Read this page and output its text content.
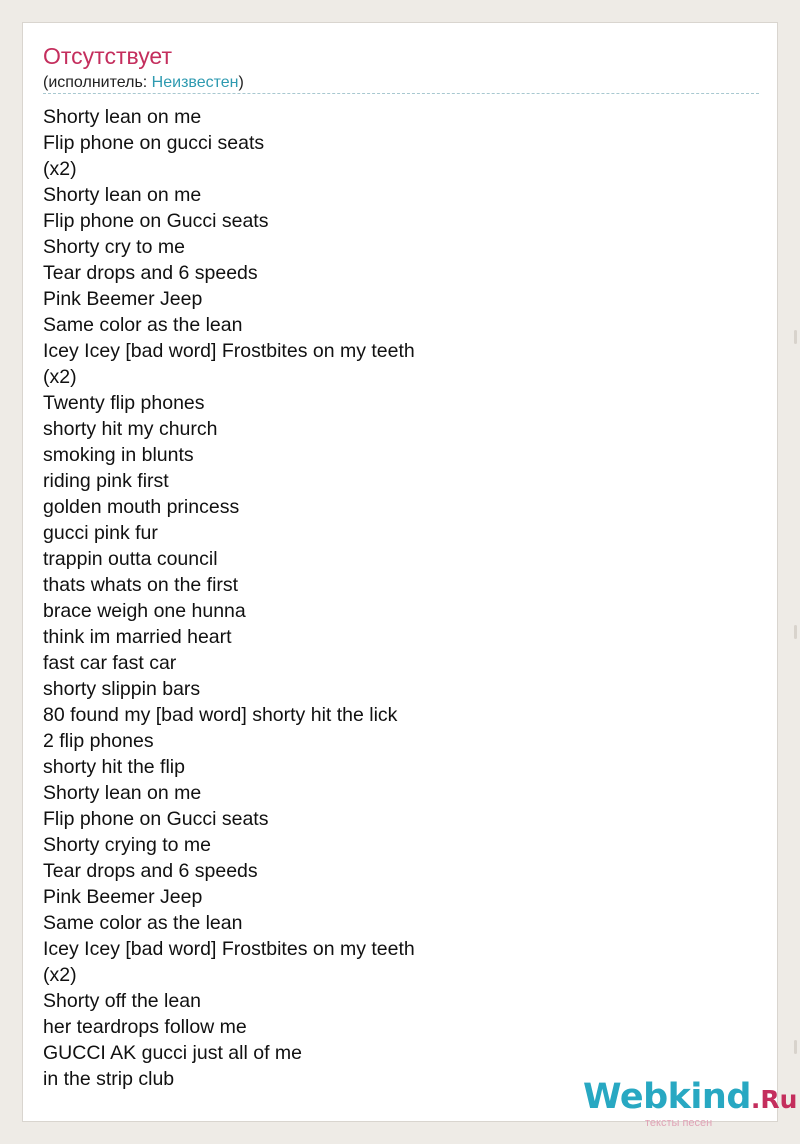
Отсутствует
(исполнитель: Неизвестен)
Shorty lean on me
Flip phone on gucci seats
(x2)
Shorty lean on me
Flip phone on Gucci seats
Shorty cry to me
Tear drops and 6 speeds
Pink Beemer Jeep
Same color as the lean
Icey Icey [bad word] Frostbites on my teeth
(x2)
Twenty flip phones
shorty hit my church
smoking in blunts
riding pink first
golden mouth princess
gucci pink fur
trappin outta council
thats whats on the first
brace weigh one hunna
think im married heart
fast car fast car
shorty slippin bars
80 found my [bad word] shorty hit the lick
2 flip phones
shorty hit the flip
Shorty lean on me
Flip phone on Gucci seats
Shorty crying to me
Tear drops and 6 speeds
Pink Beemer Jeep
Same color as the lean
Icey Icey [bad word] Frostbites on my teeth
(x2)
Shorty off the lean
her teardrops follow me
GUCCI AK gucci just all of me
in the strip club	Webkind.Ru
тексты песен
